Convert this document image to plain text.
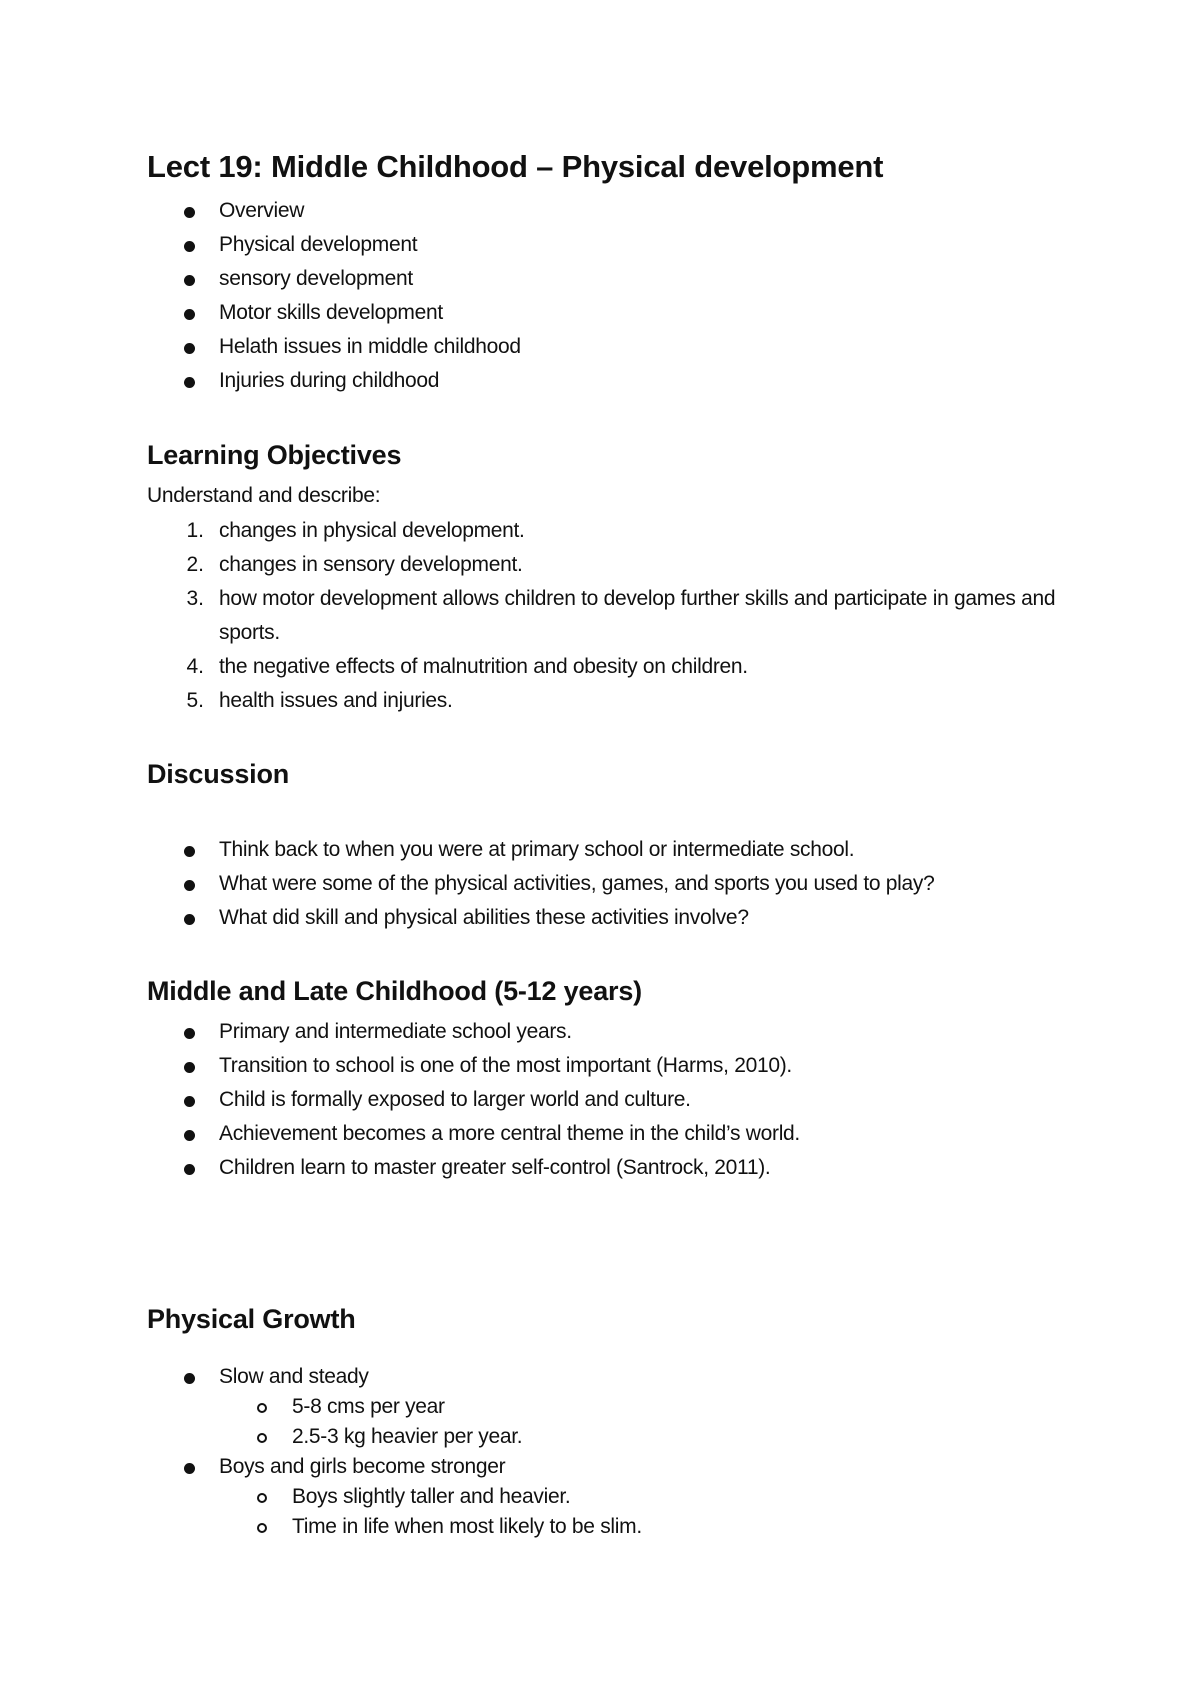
Lect 19: Middle Childhood – Physical development
Overview
Physical development
sensory development
Motor skills development
Helath issues in middle childhood
Injuries during childhood
Learning Objectives
Understand and describe:
1. changes in physical development.
2. changes in sensory development.
3. how motor development allows children to develop further skills and participate in games and
sports.
4. the negative effects of malnutrition and obesity on children.
5. health issues and injuries.
Discussion
Think back to when you were at primary school or intermediate school.
What were some of the physical activities, games, and sports you used to play?
What did skill and physical abilities these activities involve?
Middle and Late Childhood (5-12 years)
Primary and intermediate school years.
Transition to school is one of the most important (Harms, 2010).
Child is formally exposed to larger world and culture.
Achievement becomes a more central theme in the child’s world.
Children learn to master greater self-control (Santrock, 2011).
Physical Growth
Slow and steady
5-8 cms per year
2.5-3 kg heavier per year.
Boys and girls become stronger
Boys slightly taller and heavier.
Time in life when most likely to be slim.
